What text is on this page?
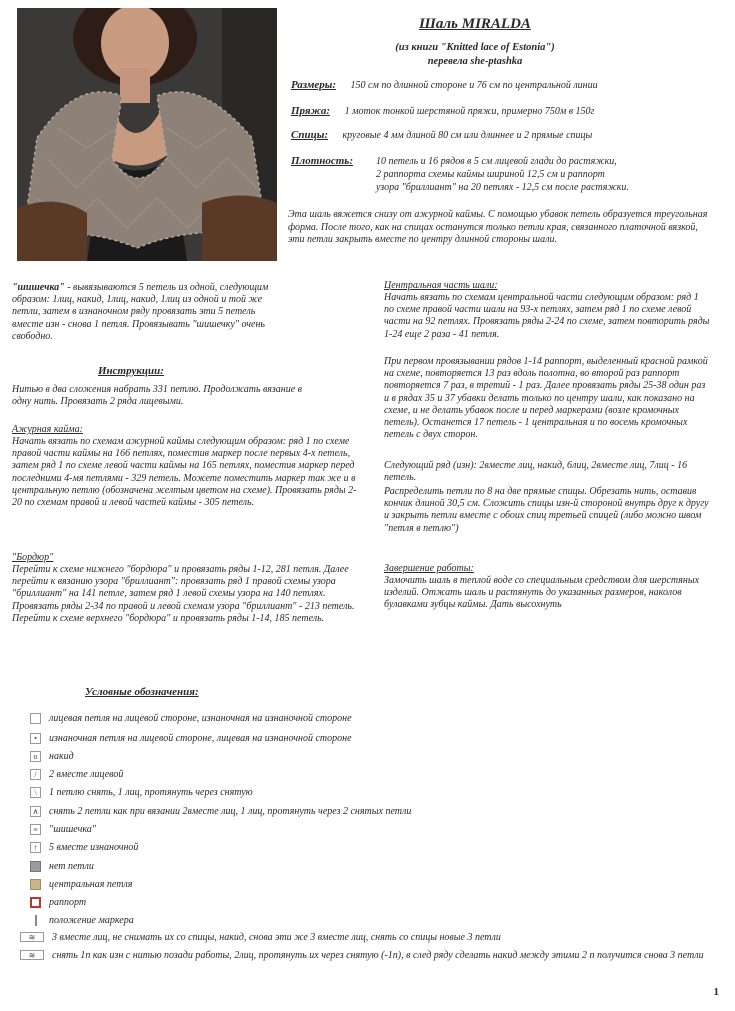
Шаль MIRALDA

(из книги "Knitted lace of Estonia")

перевела she-ptashka

Размеры: 150 см по длинной стороне и 76 см по центральной линии
Пряжа: 1 моток тонкой шерстяной пряжи, примерно 750м в 150г
Спицы: круговые 4 мм длиной 80 см или длиннее и 2 прямые спицы
Плотность: 10 петель и 16 рядов в 5 см лицевой глади до растяжки,

2 раппорта схемы каймы шириной 12,5 см и раппорт

узора "бриллиант" на 20 петлях - 12,5 см после растяжки.

Эта шаль вяжется снизу от ажурной каймы. С помощью убавок петель образуется треугольная форма. После того, как на спицах останутся только петли края, связанного платочной вязкой, эти петли закрыть вместе по центру длинной стороны шали.

"шишечка" - вывязываются 5 петель из одной, следующим образом: 1лиц, накид, 1лиц, накид, 1лиц из одной и той же петли, затем в изнаночном ряду провязать эти 5 петель вместе изн - снова 1 петля. Провязывать "шишечку" очень свободно.

Инструкции:

Нитью в два сложения набрать 331 петлю. Продолжать вязание в одну нить. Провязать 2 ряда лицевыми.

Ажурная кайма:

Начать вязать по схемам ажурной каймы следующим образом: ряд 1 по схеме правой части каймы на 166 петлях, поместив маркер после первых 4-х петель, затем ряд 1 по схеме левой части каймы на 165 петлях, поместив маркер перед последними 4-мя петлями - 329 петель. Можете поместить маркер так же и в центральную петлю (обозначена желтым цветом на схеме). Провязать ряды 2-20 по схемам правой и левой частей каймы - 305 петель.

"Бордюр"

Перейти к схеме нижнего "бордюра" и провязать ряды 1-12, 281 петля. Далее перейти к вязанию узора "бриллиант": провязать ряд 1 правой схемы узора "бриллиант" на 141 петле, затем ряд 1 левой схемы узора на 140 петлях. Провязать ряды 2-34 по правой и левой схемам узора "бриллиант" - 213 петель. Перейти к схеме верхнего "бордюра" и провязать ряды 1-14, 185 петель.

Центральная часть шали:

Начать вязать по схемам центральной части следующим образом: ряд 1 по схеме правой части шали на 93-х петлях, затем ряд 1 по схеме левой части на 92 петлях. Провязать ряды 2-24 по схеме, затем повторить ряды 1-24 еще 2 раза - 41 петля.

При первом провязывании рядов 1-14 раппорт, выделенный красной рамкой на схеме, повторяется 13 раз вдоль полотна, во второй раз раппорт повторяется 7 раз, в третий - 1 раз. Далее провязать ряды 25-38 один раз и в рядах 35 и 37 убавки делать только по центру шали, как показано на схеме, и не делать убавок после и перед маркерами (возле кромочных петель). Останется 17 петель - 1 центральная и по восемь кромочных петель с двух сторон.

Следующий ряд (изн): 2вместе лиц, накид, 6лиц, 2вместе лиц, 7лиц - 16 петель.

Распределить петли по 8 на две прямые спицы. Обрезать нить, оставив кончик длиной 30,5 см. Сложить спицы изн-й стороной внутрь друг к другу и закрыть петли вместе с обоих спиц третьей спицей (либо можно швом "петля в петлю")

Завершение работы:

Замочить шаль в теплой воде со специальным средством для шерстяных изделий. Отжать шаль и растянуть до указанных размеров, наколов булавками зубцы каймы. Дать высохнуть

Условные обозначения:
лицевая петля на лицевой стороне, изнаночная на изнаночной стороне
•	изнаночная петля на лицевой стороне, лицевая на изнаночной стороне
o	накид
/	2 вместе лицевой
\	1 петлю снять, 1 лиц, протянуть через снятую
∧ снять 2 петли как при вязании 2вместе лиц, 1 лиц, протянуть через 2 снятых петли
≡	"шишечка"
↑	5 вместе изнаночной
нет петли
центральная петля
раппорт
положение маркера
≋	3 вместе лиц, не снимать их со спицы, накид, снова эти же 3 вместе лиц, снять со спицы новые 3 петли
≋	снять 1п как изн с нитью позади работы, 2лиц, протянуть их через снятую (-1п), в след ряду сделать накид между этими 2 п получится снова 3 петли
1
